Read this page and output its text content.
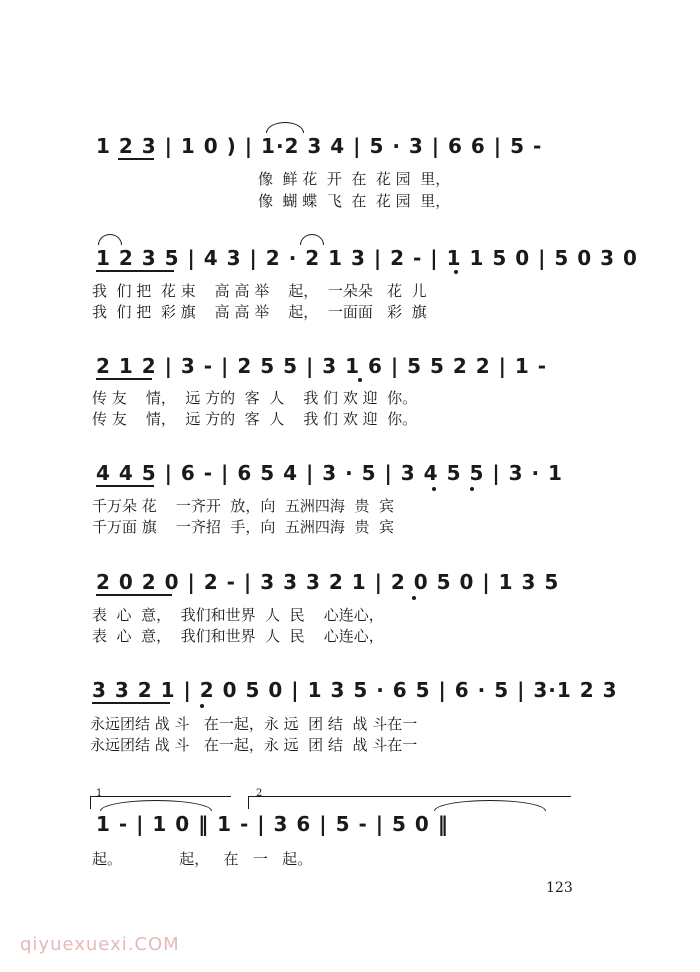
1 2 3 | 1 0 ) | 1·2 3 4 | 5 · 3 | 6 6 | 5 -
像  鲜 花  开  在  花 园  里，
像  蝴 蝶  飞  在  花 园  里，
1 2 3 5 | 4 3 | 2 · 2 1 3 | 2 - | 1 1 5 0 | 5 0 3 0
我  们 把  花 束    高 高 举    起，  一朵朵   花  儿
我  们 把  彩 旗    高 高 举    起，  一面面   彩  旗
2 1 2 | 3 - | 2 5 5 | 3 1 6 | 5 5 2 2 | 1 -
传 友    情，  远 方的  客  人    我 们 欢 迎  你。
传 友    情，  远 方的  客  人    我 们 欢 迎  你。
4 4 5 | 6 - | 6 5 4 | 3 · 5 | 3 4 5 5 | 3 · 1
千万朵 花    一齐开  放，向  五洲四海  贵  宾
千万面 旗    一齐招  手，向  五洲四海  贵  宾
2 0 2 0 | 2 - | 3 3 3 2 1 | 2 0 5 0 | 1 3 5
表  心  意，  我们和世界  人  民    心连心，
表  心  意，  我们和世界  人  民    心连心，
3 3 2 1 | 2 0 5 0 | 1 3 5 · 6 5 | 6 · 5 | 3·1 2 3
永远团结 战 斗   在一起，永 远  团 结  战 斗在一
永远团结 战 斗   在一起，永 远  团 结  战 斗在一
1	2
1 - | 1 0 ‖ 1 - | 3 6 | 5 - | 5 0 ‖
起。            起，   在   一   起。
123
qiyuexuexi.COM
